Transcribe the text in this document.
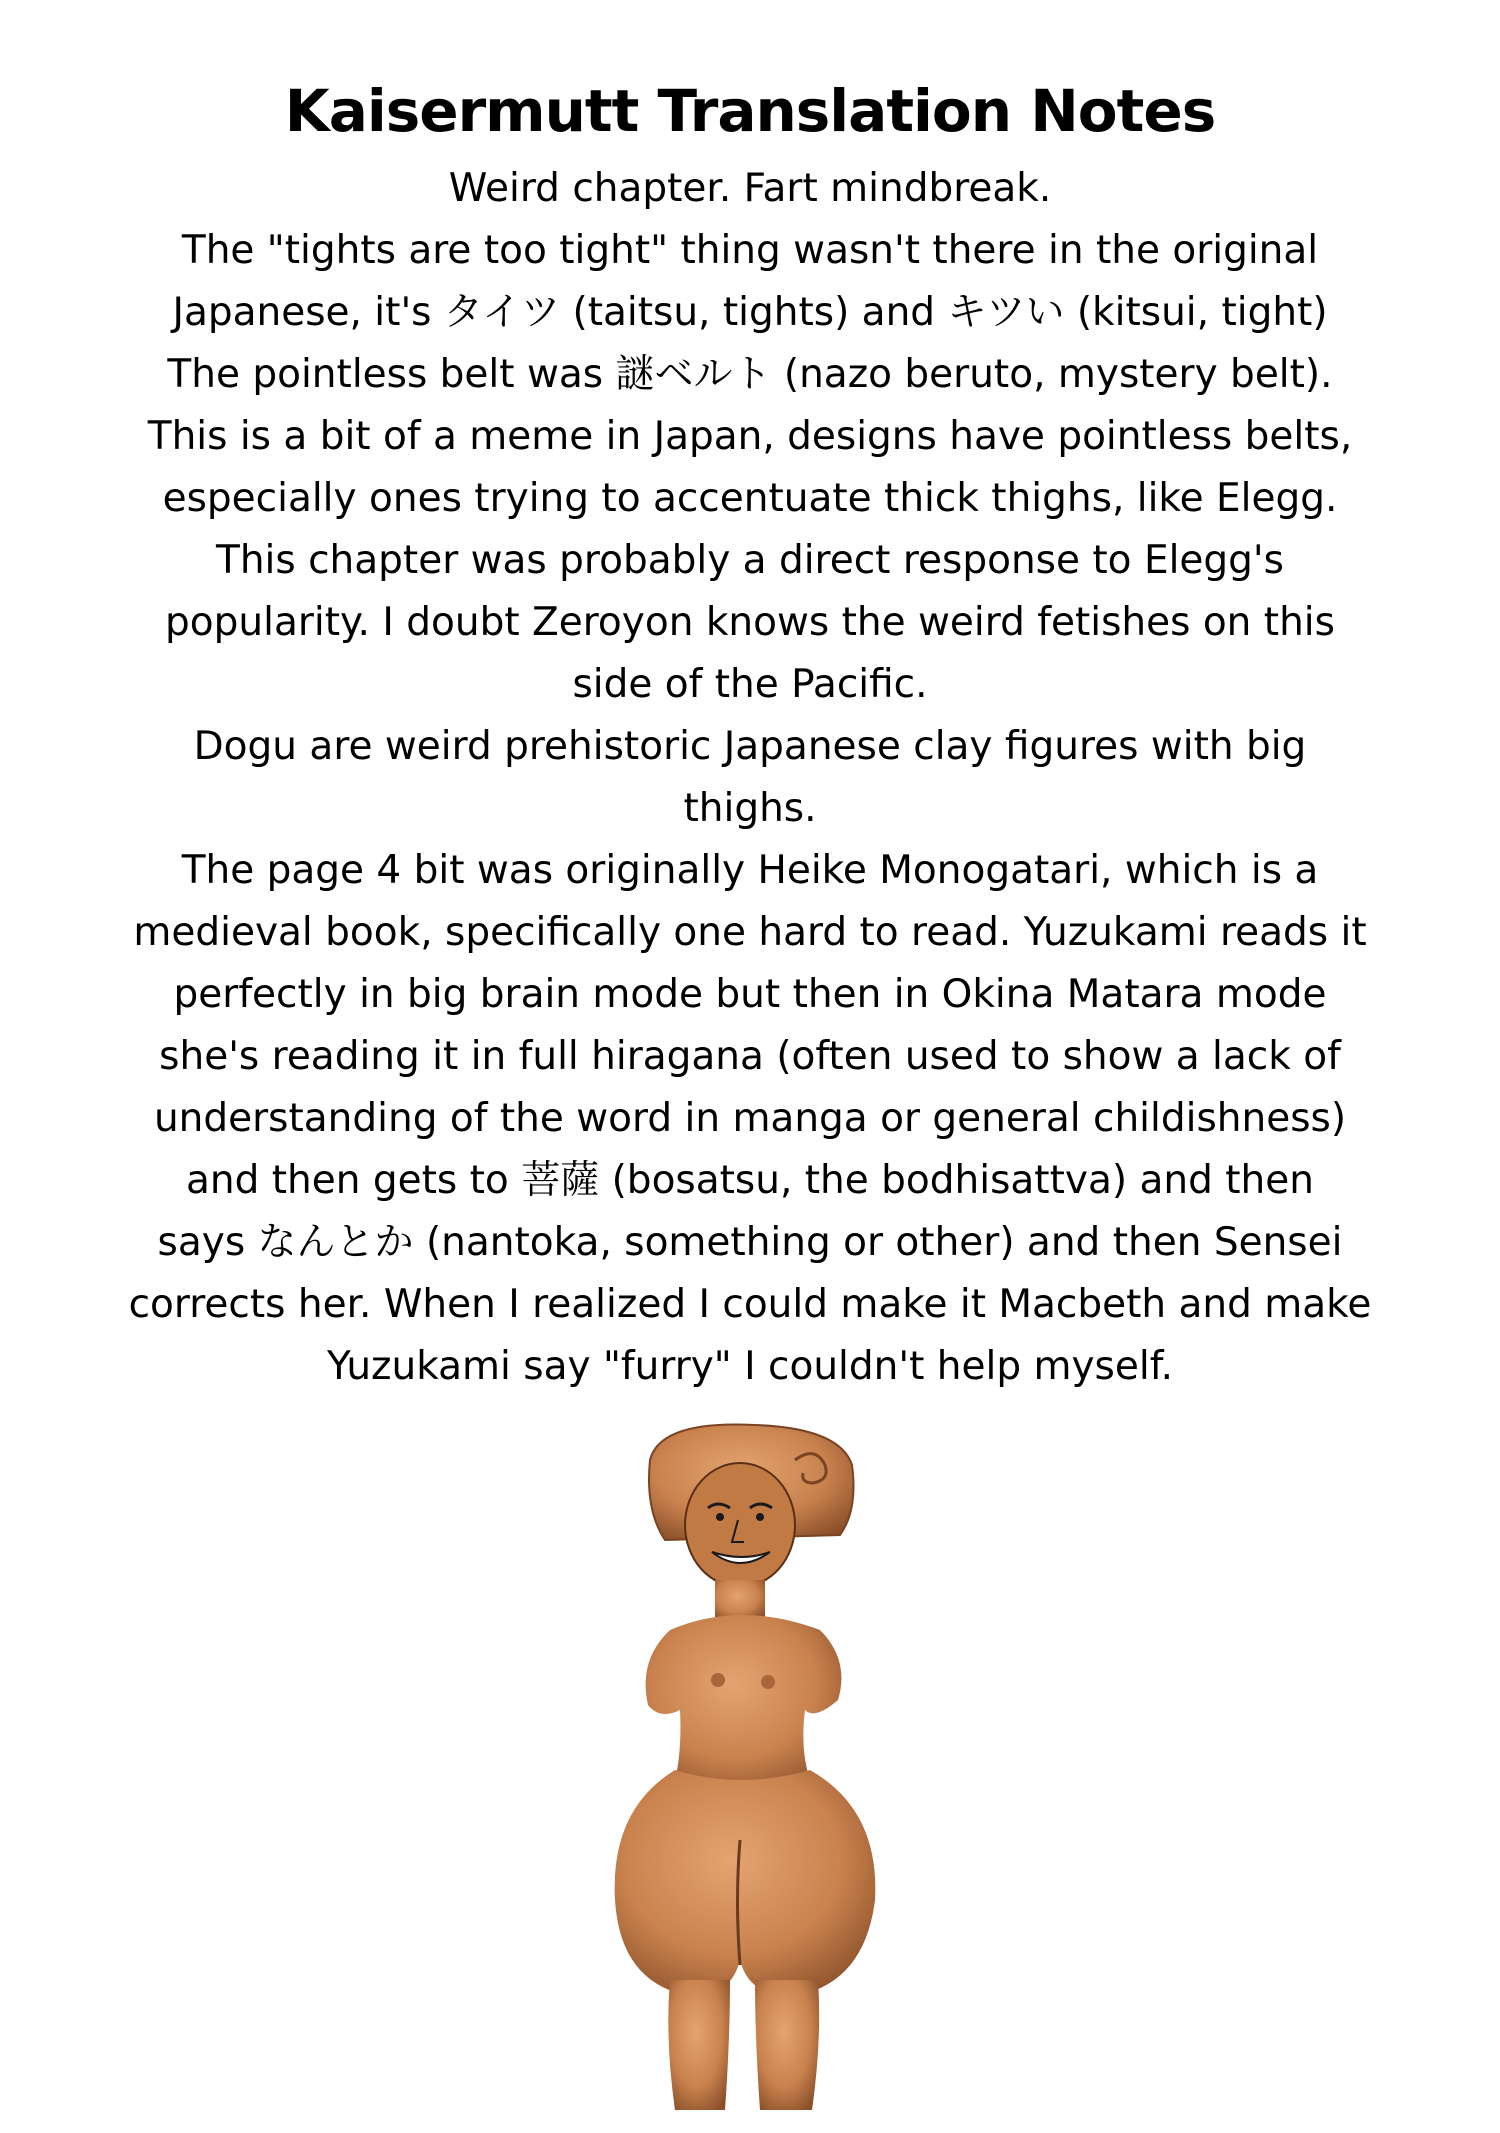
Kaisermutt Translation Notes
Weird chapter. Fart mindbreak.
The "tights are too tight" thing wasn't there in the original
Japanese, it's タイツ (taitsu, tights) and キツい (kitsui, tight)
The pointless belt was 謎ベルト (nazo beruto, mystery belt).
This is a bit of a meme in Japan, designs have pointless belts,
especially ones trying to accentuate thick thighs, like Elegg.
This chapter was probably a direct response to Elegg's
popularity. I doubt Zeroyon knows the weird fetishes on this
side of the Pacific.
Dogu are weird prehistoric Japanese clay figures with big
thighs.
The page 4 bit was originally Heike Monogatari, which is a
medieval book, specifically one hard to read. Yuzukami reads it
perfectly in big brain mode but then in Okina Matara mode
she's reading it in full hiragana (often used to show a lack of
understanding of the word in manga or general childishness)
and then gets to 菩薩 (bosatsu, the bodhisattva) and then
says なんとか (nantoka, something or other) and then Sensei
corrects her. When I realized I could make it Macbeth and make
Yuzukami say "furry" I couldn't help myself.
